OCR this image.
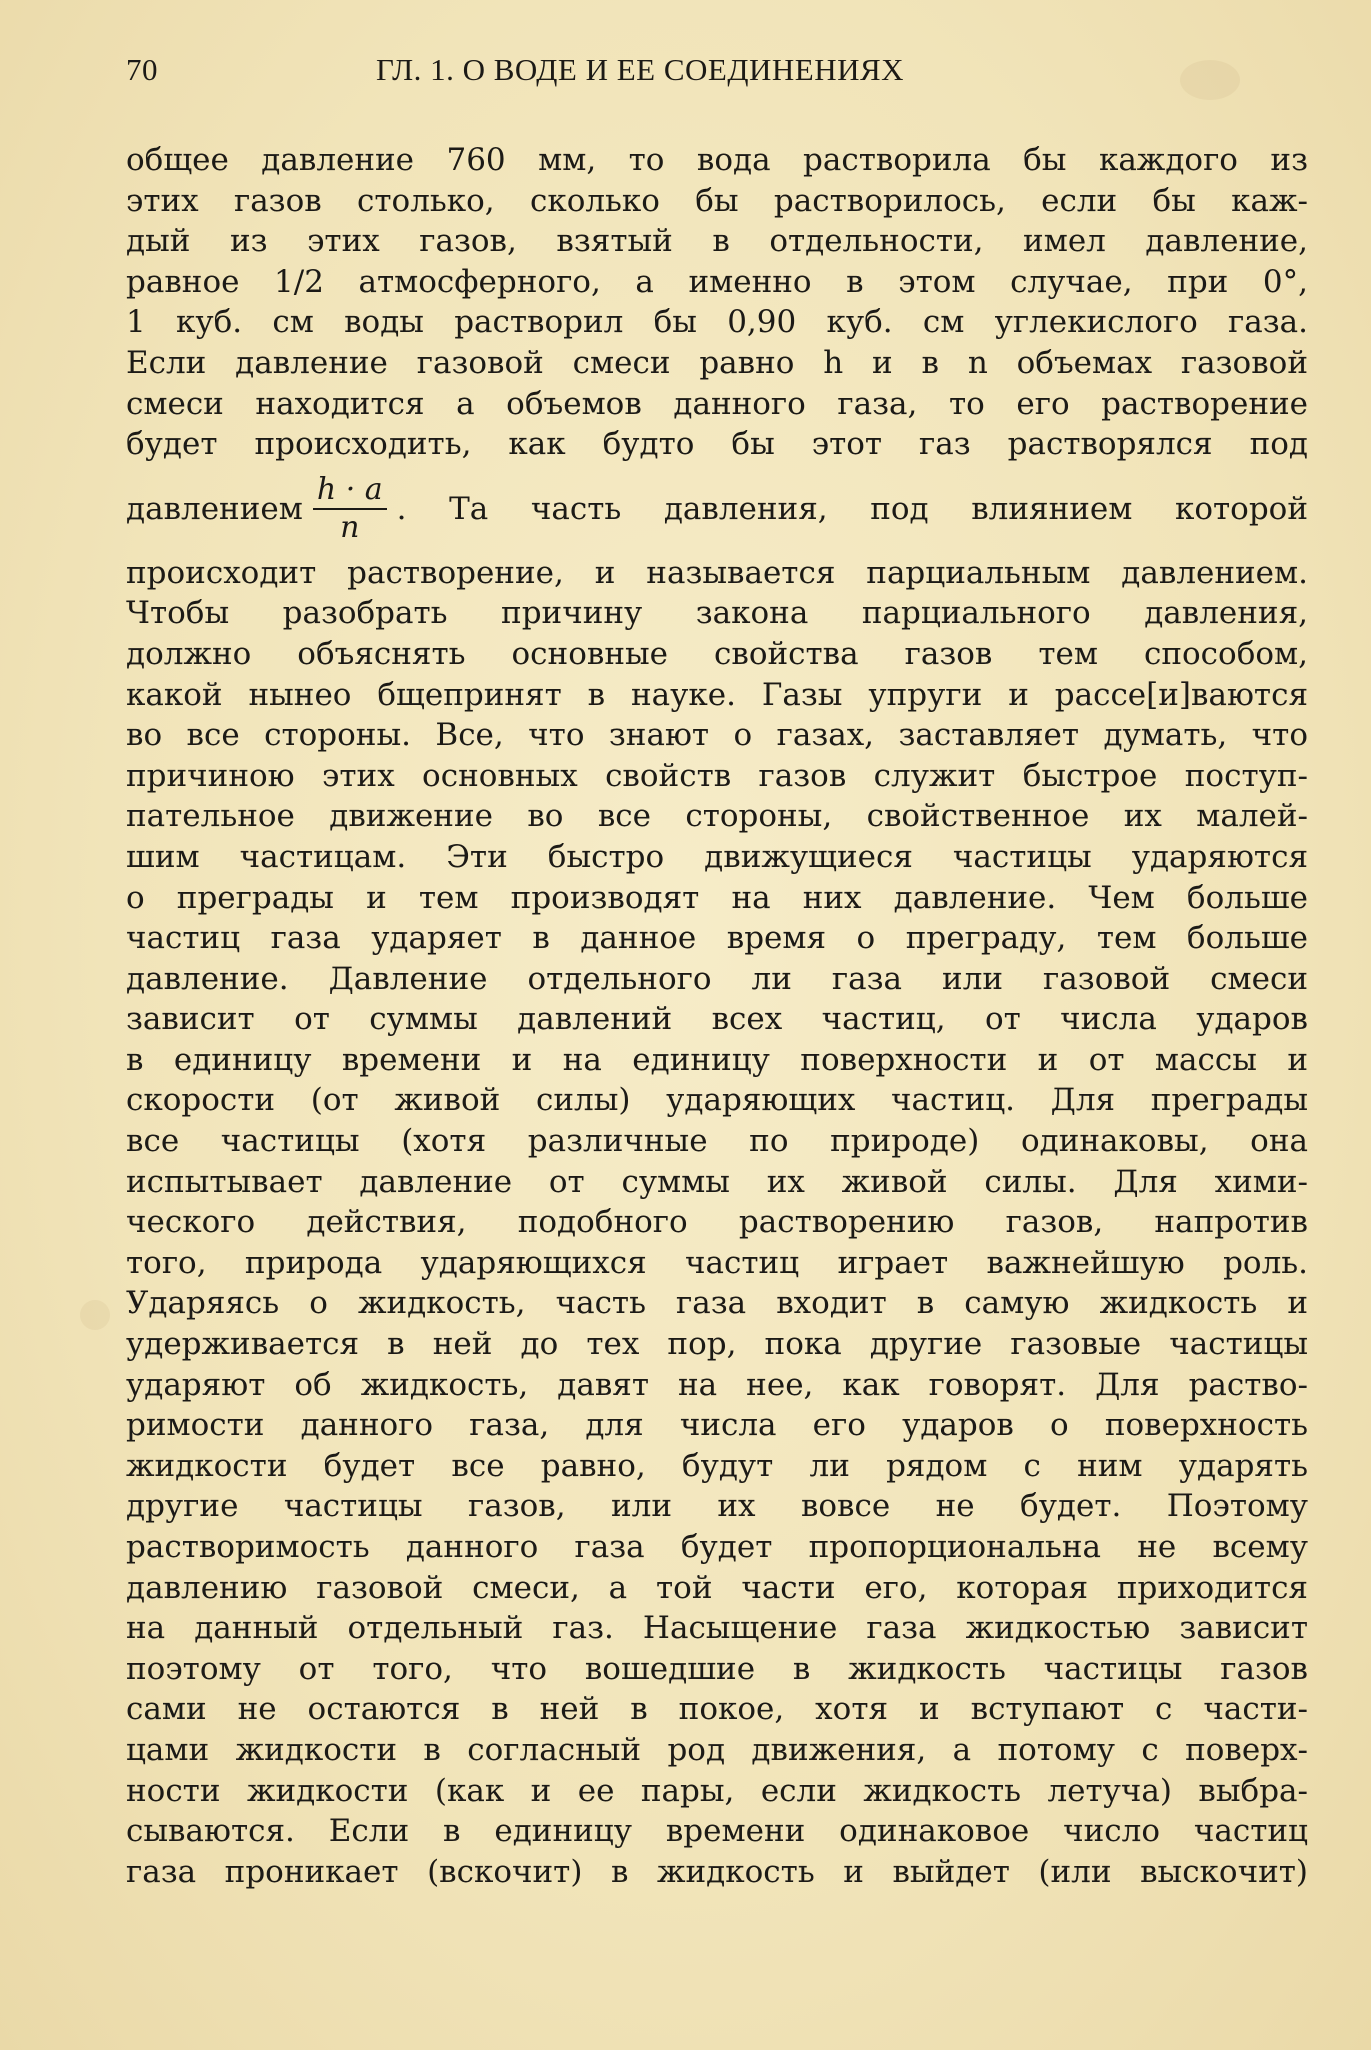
70	ГЛ. 1. О ВОДЕ И ЕЕ СОЕДИНЕНИЯХ
общее давление 760 мм, то вода растворила бы каждого из
этих газов столько, сколько бы растворилось, если бы каж-
дый из этих газов, взятый в отдельности, имел давление,
равное 1/2 атмосферного, а именно в этом случае, при 0°,
1 куб. см воды растворил бы 0,90 куб. см углекислого газа.
Если давление газовой смеси равно h и в n объемах газовой
смеси находится a объемов данного газа, то его растворение
будет происходить, как будто бы этот газ растворялся под
давлением $\frac{h \cdot a}{n}$ . Та часть давления, под влиянием которой
происходит растворение, и называется парциальным давлением.
Чтобы разобрать причину закона парциального давления,
должно объяснять основные свойства газов тем способом,
какой нынео бщепринят в науке. Газы упруги и рассе[и]ваются
во все стороны. Все, что знают о газах, заставляет думать, что
причиною этих основных свойств газов служит быстрое поступ-
пательное движение во все стороны, свойственное их малей-
шим частицам. Эти быстро движущиеся частицы ударяются
о преграды и тем производят на них давление. Чем больше
частиц газа ударяет в данное время о преграду, тем больше
давление. Давление отдельного ли газа или газовой смеси
зависит от суммы давлений всех частиц, от числа ударов
в единицу времени и на единицу поверхности и от массы и
скорости (от живой силы) ударяющих частиц. Для преграды
все частицы (хотя различные по природе) одинаковы, она
испытывает давление от суммы их живой силы. Для хими-
ческого действия, подобного растворению газов, напротив
того, природа ударяющихся частиц играет важнейшую роль.
Ударяясь о жидкость, часть газа входит в самую жидкость и
удерживается в ней до тех пор, пока другие газовые частицы
ударяют об жидкость, давят на нее, как говорят. Для раство-
римости данного газа, для числа его ударов о поверхность
жидкости будет все равно, будут ли рядом с ним ударять
другие частицы газов, или их вовсе не будет. Поэтому
растворимость данного газа будет пропорциональна не всему
давлению газовой смеси, а той части его, которая приходится
на данный отдельный газ. Насыщение газа жидкостью зависит
поэтому от того, что вошедшие в жидкость частицы газов
сами не остаются в ней в покое, хотя и вступают с части-
цами жидкости в согласный род движения, а потому с поверх-
ности жидкости (как и ее пары, если жидкость летуча) выбра-
сываются. Если в единицу времени одинаковое число частиц
газа проникает (вскочит) в жидкость и выйдет (или выскочит)
